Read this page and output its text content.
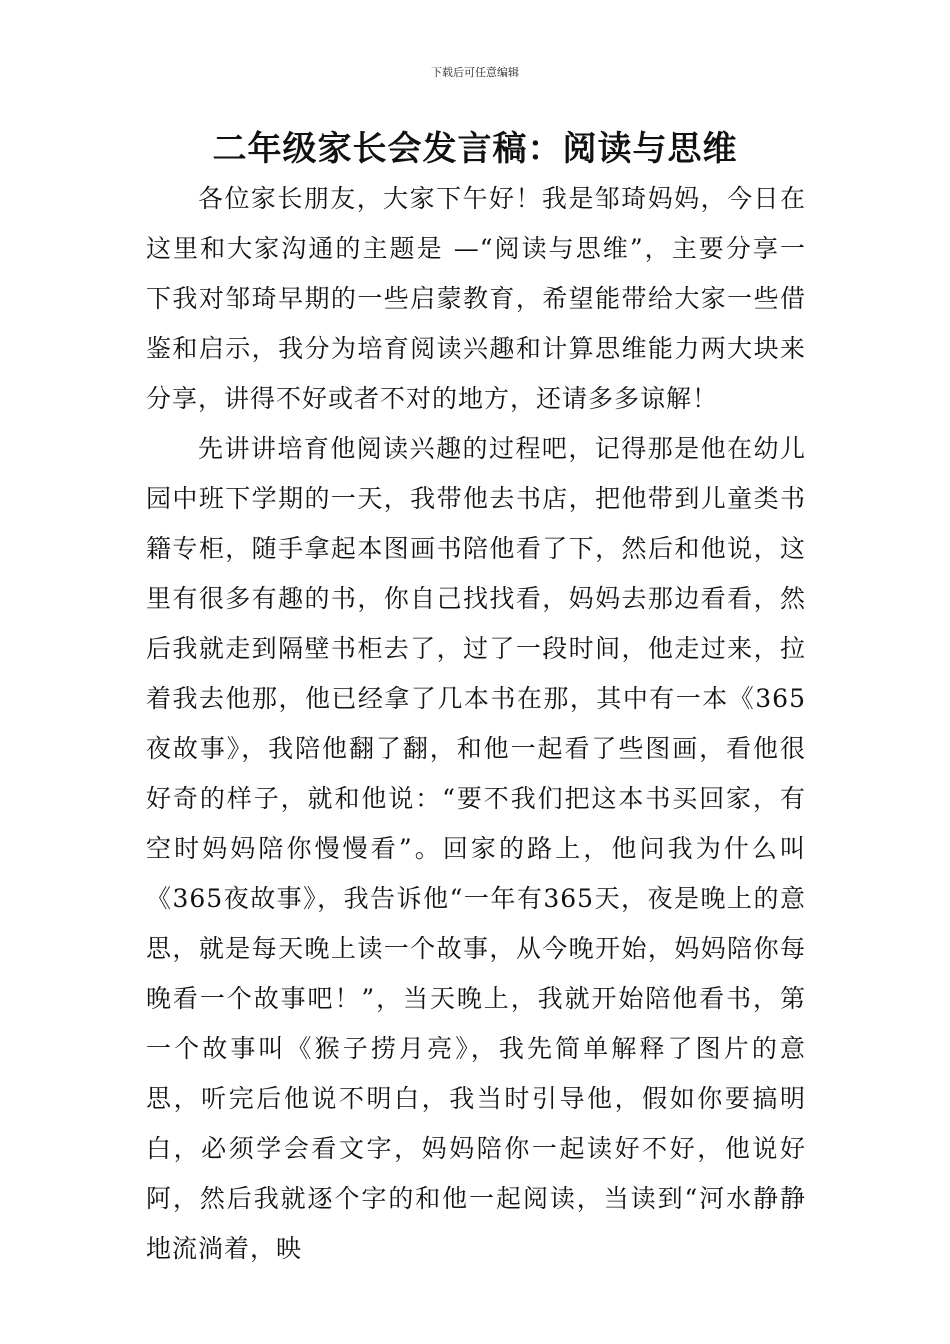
下载后可任意编辑
二年级家长会发言稿：阅读与思维

各位家长朋友，大家下午好！我是邹琦妈妈，今日在这里和大家沟通的主题是 —“阅读与思维”，主要分享一下我对邹琦早期的一些启蒙教育，希望能带给大家一些借鉴和启示，我分为培育阅读兴趣和计算思维能力两大块来分享，讲得不好或者不对的地方，还请多多谅解！

先讲讲培育他阅读兴趣的过程吧，记得那是他在幼儿园中班下学期的一天，我带他去书店，把他带到儿童类书籍专柜，随手拿起本图画书陪他看了下，然后和他说，这里有很多有趣的书，你自己找找看，妈妈去那边看看，然后我就走到隔壁书柜去了，过了一段时间，他走过来，拉着我去他那，他已经拿了几本书在那，其中有一本《365夜故事》，我陪他翻了翻，和他一起看了些图画，看他很好奇的样子，就和他说：“要不我们把这本书买回家，有空时妈妈陪你慢慢看”。回家的路上，他问我为什么叫《365夜故事》，我告诉他“一年有365天，夜是晚上的意思，就是每天晚上读一个故事，从今晚开始，妈妈陪你每晚看一个故事吧！”，当天晚上，我就开始陪他看书，第一个故事叫《猴子捞月亮》，我先简单解释了图片的意思，听完后他说不明白，我当时引导他，假如你要搞明白，必须学会看文字，妈妈陪你一起读好不好，他说好阿，然后我就逐个字的和他一起阅读，当读到“河水静静地流淌着，映
